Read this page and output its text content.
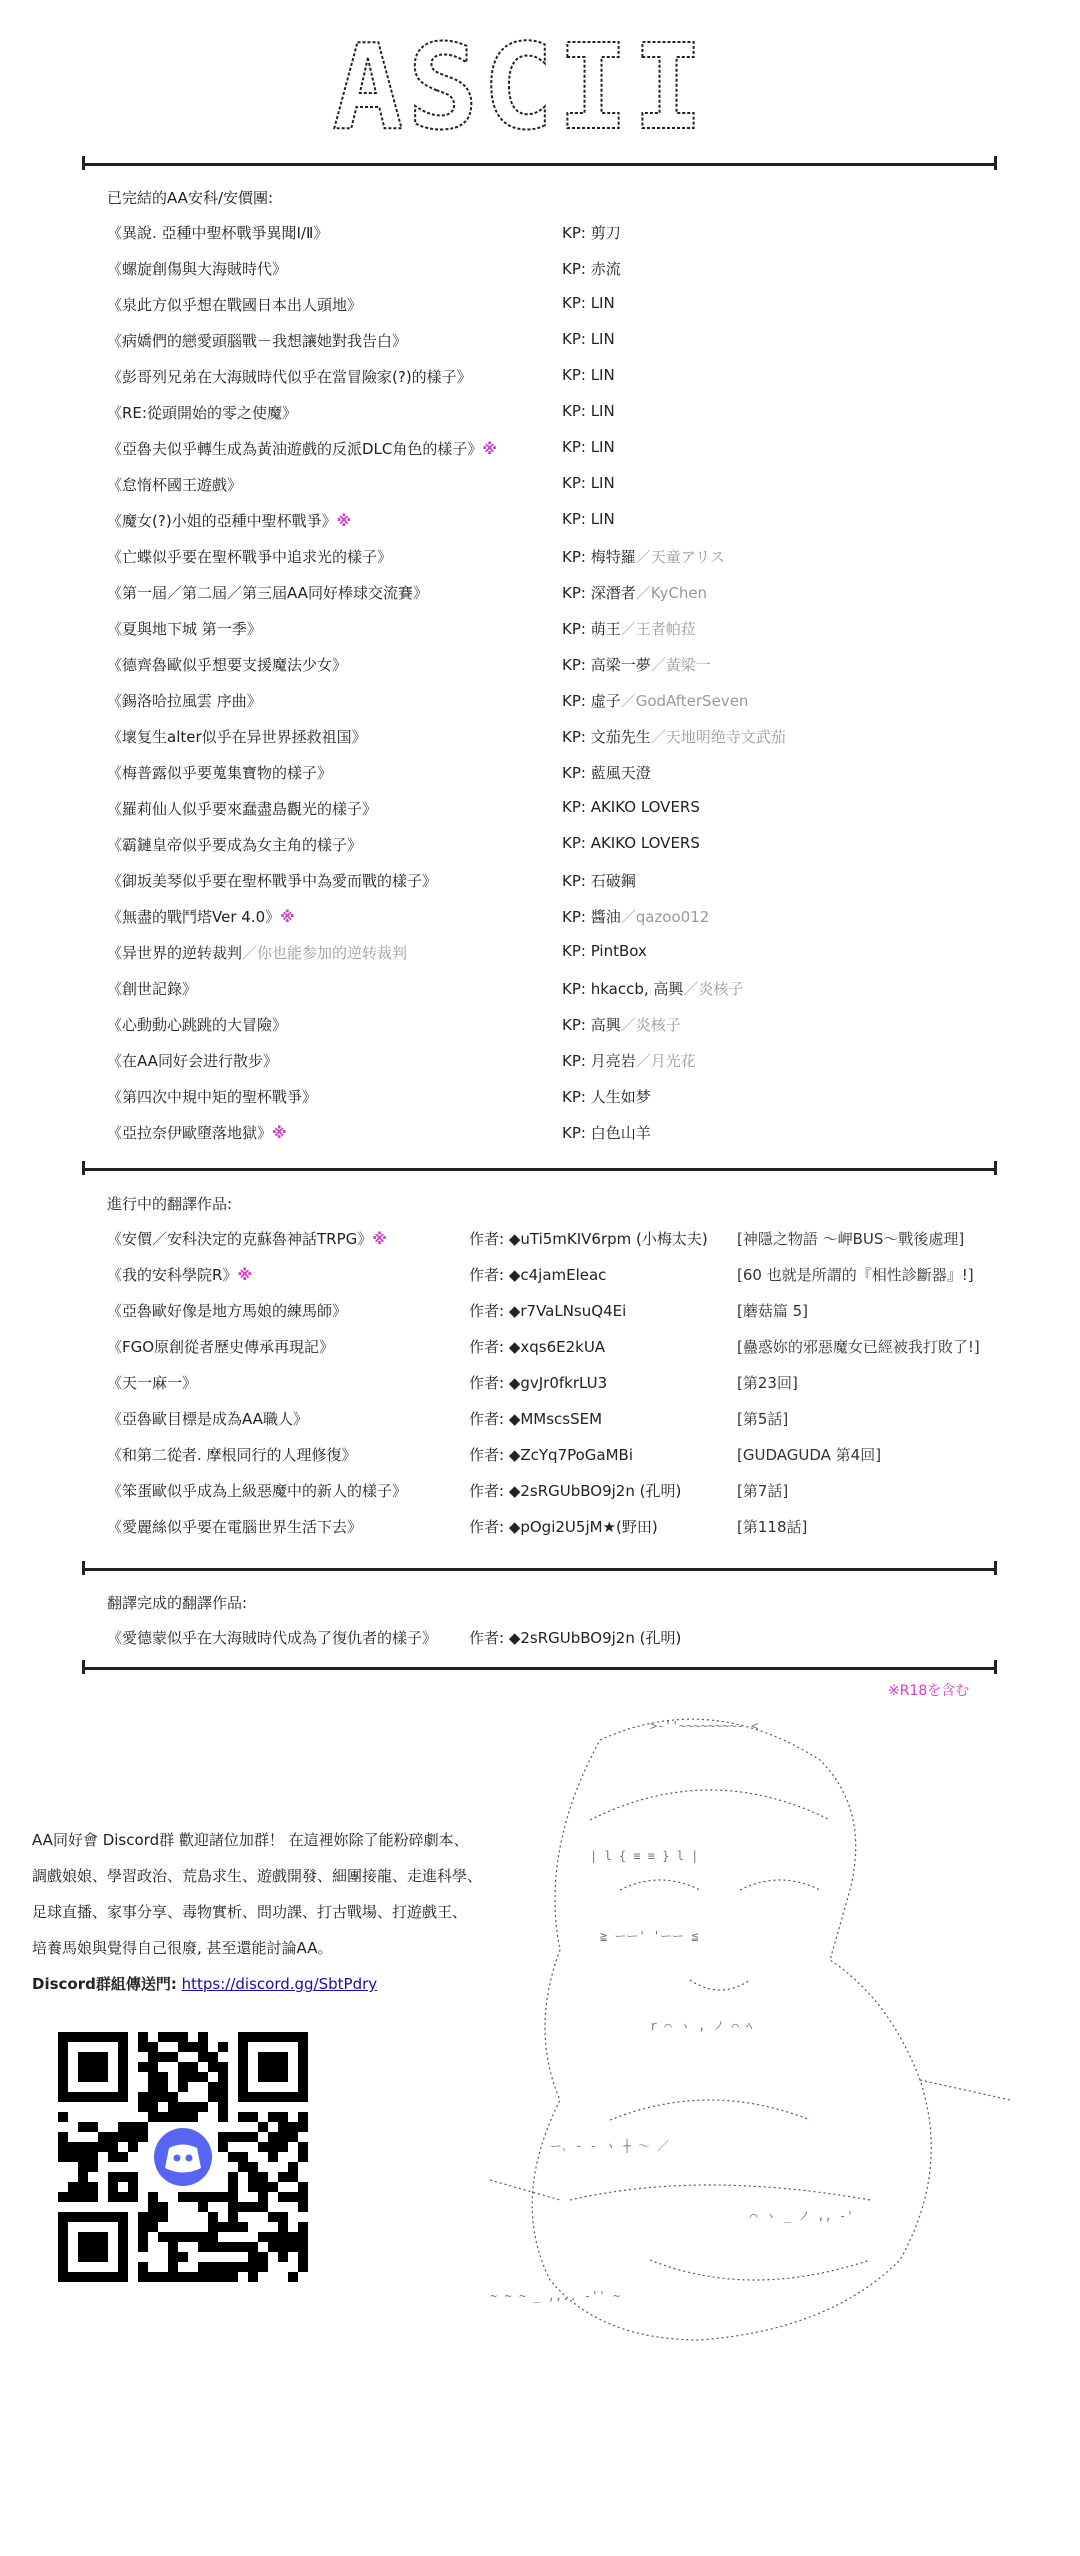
ASCII
已完結的AA安科/安價團:
《異說. 亞種中聖杯戰爭異聞Ⅰ/Ⅱ》	KP: 剪刀
《螺旋創傷與大海賊時代》	KP: 赤流
《泉此方似乎想在戰國日本出人頭地》	KP: LIN
《病嬌們的戀愛頭腦戰－我想讓她對我告白》	KP: LIN
《彭哥列兄弟在大海賊時代似乎在當冒險家(?)的樣子》	KP: LIN
《RE:從頭開始的零之使魔》	KP: LIN
《亞魯夫似乎轉生成為黃油遊戲的反派DLC角色的樣子》※	KP: LIN
《怠惰杯國王遊戲》	KP: LIN
《魔女(?)小姐的亞種中聖杯戰爭》※	KP: LIN
《亡蝶似乎要在聖杯戰爭中追求光的樣子》	KP: 梅特羅／天童アリス
《第一屆／第二屆／第三屆AA同好棒球交流賽》	KP: 深潛者／KyChen
《夏與地下城 第一季》	KP: 萌王／王者帕菈
《德齊魯歐似乎想要支援魔法少女》	KP: 高梁一夢／黃梁一
《錫洛哈拉風雲 序曲》	KP: 虛子／GodAfterSeven
《壞复生alter似乎在异世界拯救祖国》	KP: 文茄先生／天地明绝寺文武茄
《梅普露似乎要蒐集寶物的樣子》	KP: 藍風天澄
《羅莉仙人似乎要來蠢盡島觀光的樣子》	KP: AKIKO LOVERS
《霸鏈皇帝似乎要成為女主角的樣子》	KP: AKIKO LOVERS
《御坂美琴似乎要在聖杯戰爭中為愛而戰的樣子》	KP: 石破鋼
《無盡的戰鬥塔Ver 4.0》※	KP: 醬油／qazoo012
《异世界的逆转裁判／你也能参加的逆转裁判	KP: PintBox
《創世記錄》	KP: hkaccb, 高興／炎核子
《心動動心跳跳的大冒險》	KP: 高興／炎核子
《在AA同好会进行散步》	KP: 月亮岩／月光花
《第四次中規中矩的聖杯戰爭》	KP: 人生如梦
《亞拉奈伊歐墮落地獄》※	KP: 白色山羊
進行中的翻譯作品:
《安價／安科決定的克蘇魯神話TRPG》※	作者: ◆uTi5mKIV6rpm (小梅太夫) [神隱之物語 ～岬BUS～戰後處理]
《我的安科學院R》※	作者: ◆c4jamEleac	[60 也就是所謂的『相性診斷器』!]
《亞魯歐好像是地方馬娘的練馬師》	作者: ◆r7VaLNsuQ4Ei	[蘑菇篇 5]
《FGO原創從者歷史傳承再現記》	作者: ◆xqs6E2kUA	[蠱惑妳的邪惡魔女已經被我打敗了!]
《天一麻一》	作者: ◆gvJr0fkrLU3	[第23回]
《亞魯歐目標是成為AA職人》	作者: ◆MMscsSEM	[第5話]
《和第二從者. 摩根同行的人理修復》	作者: ◆ZcYq7PoGaMBi	[GUDAGUDA 第4回]
《笨蛋歐似乎成為上級惡魔中的新人的樣子》	作者: ◆2sRGUbBO9j2n (孔明)	[第7話]
《愛麗絲似乎要在電腦世界生活下去》	作者: ◆pOgi2U5jM★(野田)	[第118話]
翻譯完成的翻譯作品:
《愛德蒙似乎在大海賊時代成為了復仇者的樣子》 作者: ◆2sRGUbBO9j2n (孔明)
※R18を含む
AA同好會 Discord群 歡迎諸位加群！ 在這裡妳除了能粉碎劇本、
調戲娘娘、學習政治、荒島求生、遊戲開發、細團接龍、走進科學、
足球直播、家事分享、毒物實析、問功課、打古戰場、打遊戲王、
培養馬娘與覺得自己很廢, 甚至還能討論AA。
Discord群組傳送門: https://discord.gg/SbtPdry
>‐''~~~~~~~~‐ <
| l { ≡ ≡ } l |
≧ ーー' 'ーー ≦
r ⌒ ヽ , ノ ⌒ ﾍ
ー､ ‐ ‐ ヽ ┼ ～ ／
⌒ ヽ _ ノ ,, ‐'
~ ~ ~ _ ,,.. ‐'' ~
